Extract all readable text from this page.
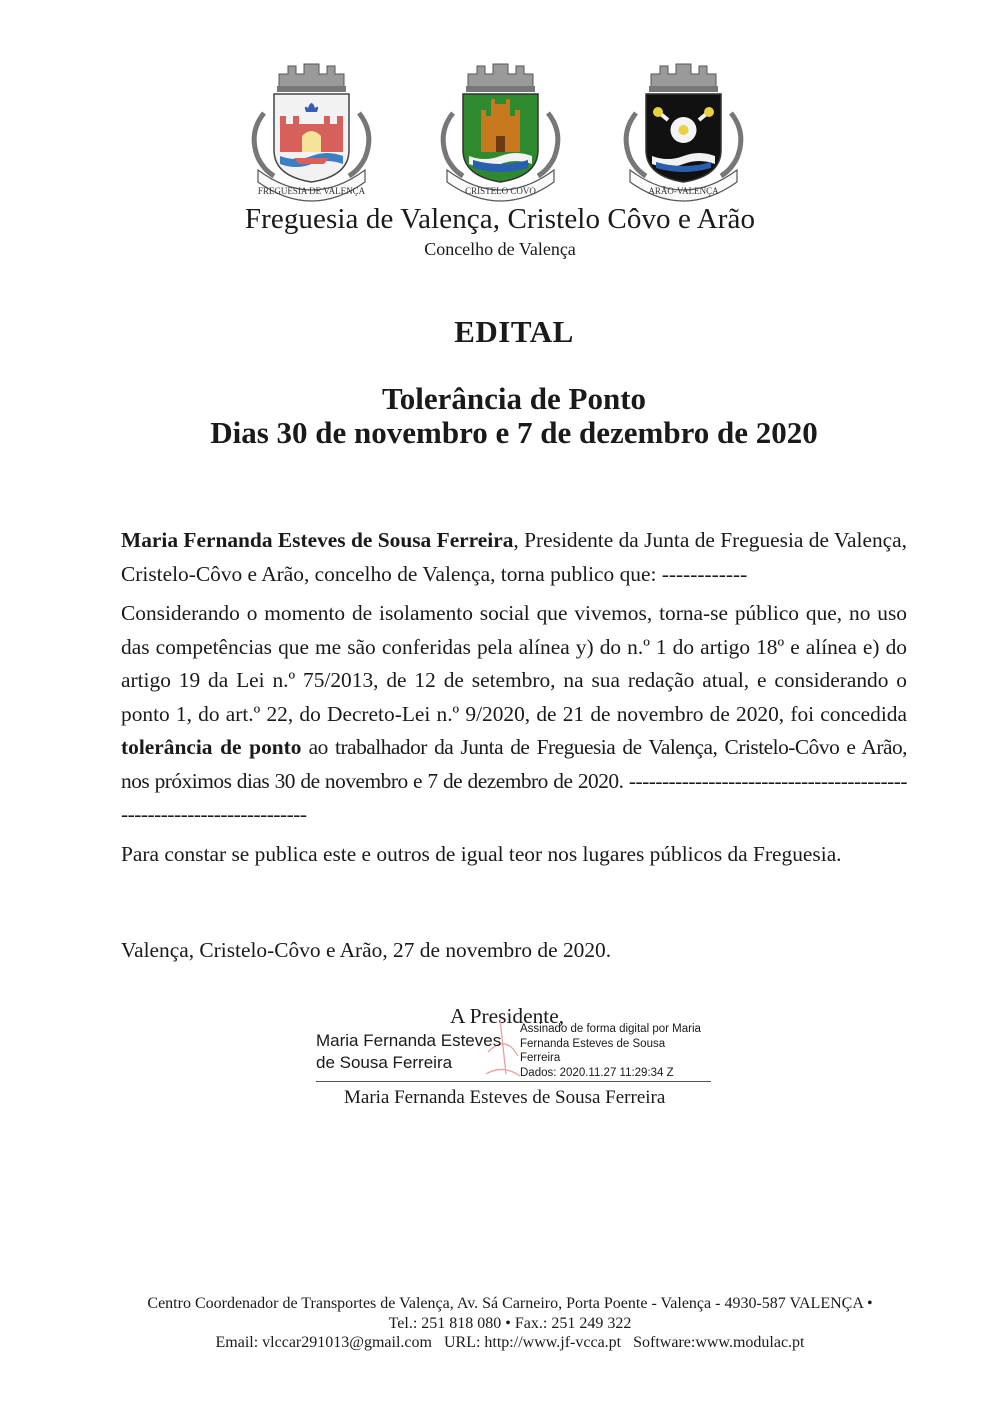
FREGUESIA DE VALENÇA	CRISTELO COVO	ARÃO-VALENÇA
Freguesia de Valença, Cristelo Côvo e Arão
Concelho de Valença
EDITAL
Tolerância de Ponto
Dias 30 de novembro e 7 de dezembro de 2020

Maria Fernanda Esteves de Sousa Ferreira, Presidente da Junta de Freguesia de Valença, Cristelo-Côvo e Arão, concelho de Valença, torna publico que: ------------

Considerando o momento de isolamento social que vivemos, torna-se público que, no uso das competências que me são conferidas pela alínea y) do n.º 1 do artigo 18º e alínea e) do artigo 19 da Lei n.º 75/2013, de 12 de setembro, na sua redação atual, e considerando o ponto 1, do art.º 22, do Decreto-Lei n.º 9/2020, de 21 de novembro de 2020, foi concedida tolerância de ponto ao trabalhador da Junta de Freguesia de Valença, Cristelo-Côvo e Arão, nos próximos dias 30 de novembro e 7 de dezembro de 2020. ----------------------------------------------------------------------

Para constar se publica este e outros de igual teor nos lugares públicos da Freguesia.

Valença, Cristelo-Côvo e Arão, 27 de novembro de 2020.
A Presidente,
Maria Fernanda Esteves
de Sousa Ferreira
Assinado de forma digital por Maria
Fernanda Esteves de Sousa
Ferreira
Dados: 2020.11.27 11:29:34 Z
Maria Fernanda Esteves de Sousa Ferreira
Centro Coordenador de Transportes de Valença, Av. Sá Carneiro, Porta Poente - Valença - 4930-587 VALENÇA •
Tel.: 251 818 080 • Fax.: 251 249 322
Email: vlccar291013@gmail.com   URL: http://www.jf-vcca.pt   Software:www.modulac.pt
